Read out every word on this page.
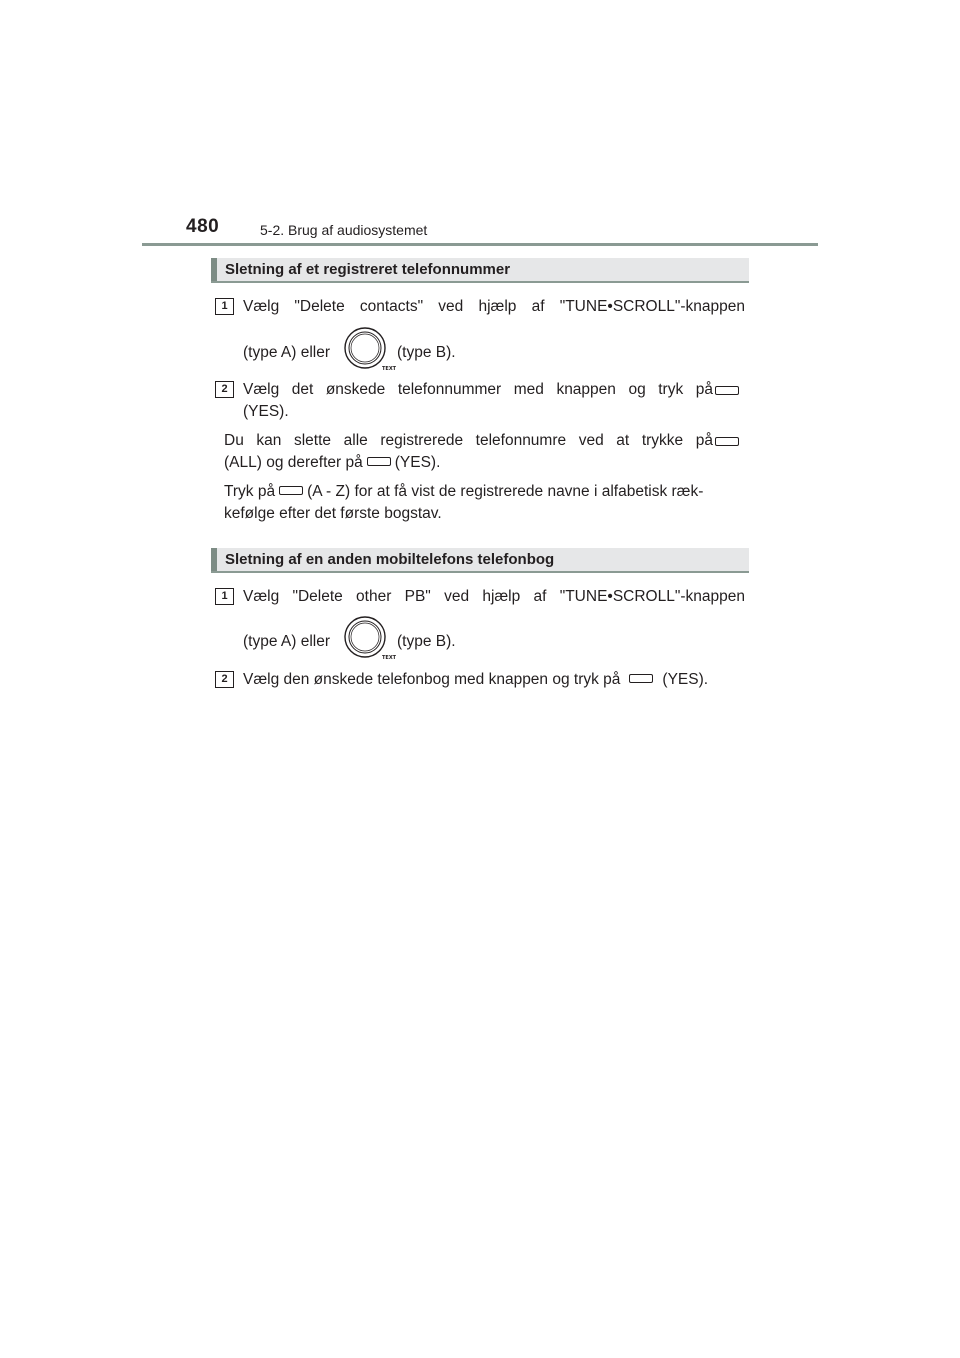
480	5-2. Brug af audiosystemet
Sletning af et registreret telefonnummer
1 Vælg "Delete contacts" ved hjælp af "TUNE•SCROLL"-knappen
(type A) eller
TEXT
(type B).
2 Vælg det ønskede telefonnummer med knappen og tryk på
(YES).
Du kan slette alle registrerede telefonnumre ved at trykke på
(ALL) og derefter på (YES).
Tryk på (A - Z) for at få vist de registrerede navne i alfabetisk ræk-
kefølge efter det første bogstav.
Sletning af en anden mobiltelefons telefonbog
1 Vælg "Delete other PB" ved hjælp af "TUNE•SCROLL"-knappen
(type A) eller
TEXT
(type B).
2 Vælg den ønskede telefonbog med knappen og tryk på	(YES).
